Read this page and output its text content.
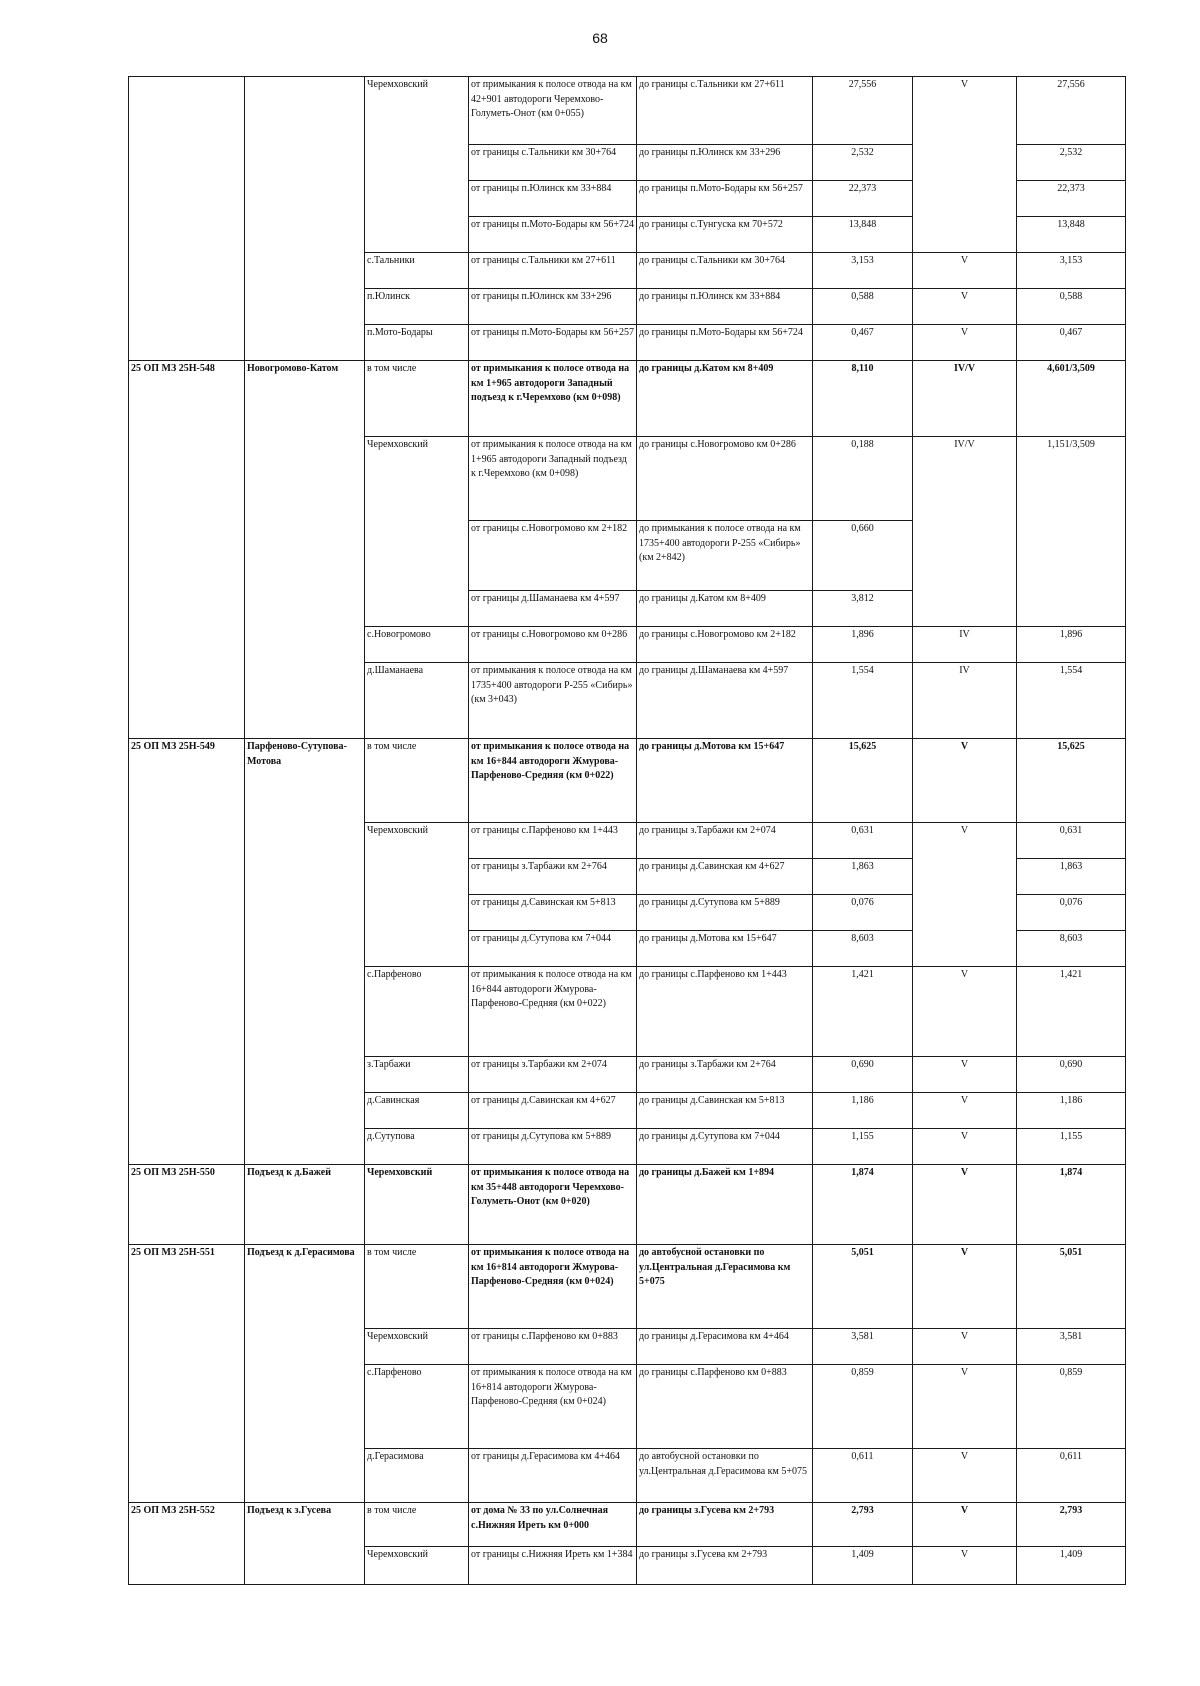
68
		Черемховский	от примыкания к полосе отвода на км 42+901 автодороги Черемхово-Голуметь-Онот (км 0+055)	до границы с.Тальники км 27+611	27,556	V	27,556
			от границы с.Тальники км 30+764	до границы п.Юлинск км 33+296	2,532		2,532
			от границы п.Юлинск км 33+884	до границы п.Мото-Бодары км 56+257	22,373		22,373
			от границы п.Мото-Бодары км 56+724	до границы с.Тунгуска км 70+572	13,848		13,848
		с.Тальники	от границы с.Тальники км 27+611	до границы с.Тальники км 30+764	3,153	V	3,153
		п.Юлинск	от границы п.Юлинск км 33+296	до границы п.Юлинск км 33+884	0,588	V	0,588
		п.Мото-Бодары	от границы п.Мото-Бодары км 56+257	до границы п.Мото-Бодары км 56+724	0,467	V	0,467
25 ОП МЗ 25Н-548	Новогромово-Катом	в том числе	от примыкания к полосе отвода на км 1+965 автодороги Западный подъезд к г.Черемхово (км 0+098)	до границы д.Катом км 8+409	8,110	IV/V	4,601/3,509
		Черемховский	от примыкания к полосе отвода на км 1+965 автодороги Западный подъезд к г.Черемхово (км 0+098)	до границы с.Новогромово км 0+286	0,188	IV/V	1,151/3,509
			от границы с.Новогромово км 2+182	до примыкания к полосе отвода на км 1735+400 автодороги Р-255 «Сибирь» (км 2+842)	0,660		
			от границы д.Шаманаева км 4+597	до границы д.Катом км 8+409	3,812		
		с.Новогромово	от границы с.Новогромово км 0+286	до границы с.Новогромово км 2+182	1,896	IV	1,896
		д.Шаманаева	от примыкания к полосе отвода на км 1735+400 автодороги Р-255 «Сибирь» (км 3+043)	до границы д.Шаманаева км 4+597	1,554	IV	1,554
25 ОП МЗ 25Н-549	Парфеново-Сутупова-Мотова	в том числе	от примыкания к полосе отвода на км 16+844 автодороги Жмурова-Парфеново-Средняя (км 0+022)	до границы д.Мотова км 15+647	15,625	V	15,625
		Черемховский	от границы с.Парфеново км 1+443	до границы з.Тарбажи км 2+074	0,631	V	0,631
			от границы з.Тарбажи км 2+764	до границы д.Савинская км 4+627	1,863		1,863
			от границы д.Савинская км 5+813	до границы д.Сутупова км 5+889	0,076		0,076
			от границы д.Сутупова км 7+044	до границы д.Мотова км 15+647	8,603		8,603
		с.Парфеново	от примыкания к полосе отвода на км 16+844 автодороги Жмурова-Парфеново-Средняя (км 0+022)	до границы с.Парфеново км 1+443	1,421	V	1,421
		з.Тарбажи	от границы з.Тарбажи км 2+074	до границы з.Тарбажи км 2+764	0,690	V	0,690
		д.Савинская	от границы д.Савинская км 4+627	до границы д.Савинская км 5+813	1,186	V	1,186
		д.Сутупова	от границы д.Сутупова км 5+889	до границы д.Сутупова км 7+044	1,155	V	1,155
25 ОП МЗ 25Н-550	Подъезд к д.Бажей	Черемховский	от примыкания к полосе отвода на км 35+448 автодороги Черемхово-Голуметь-Онот (км 0+020)	до границы д.Бажей км 1+894	1,874	V	1,874
25 ОП МЗ 25Н-551	Подъезд к д.Герасимова	в том числе	от примыкания к полосе отвода на км 16+814 автодороги Жмурова-Парфеново-Средняя (км 0+024)	до автобусной остановки по ул.Центральная д.Герасимова км 5+075	5,051	V	5,051
		Черемховский	от границы с.Парфеново км 0+883	до границы д.Герасимова км 4+464	3,581	V	3,581
		с.Парфеново	от примыкания к полосе отвода на км 16+814 автодороги Жмурова-Парфеново-Средняя (км 0+024)	до границы с.Парфеново км 0+883	0,859	V	0,859
		д.Герасимова	от границы д.Герасимова км 4+464	до автобусной остановки по ул.Центральная д.Герасимова км 5+075	0,611	V	0,611
25 ОП МЗ 25Н-552	Подъезд к з.Гусева	в том числе	от дома № 33 по ул.Солнечная с.Нижняя Иреть км 0+000	до границы з.Гусева км 2+793	2,793	V	2,793
		Черемховский	от границы с.Нижняя Иреть км 1+384	до границы з.Гусева км 2+793	1,409	V	1,409
